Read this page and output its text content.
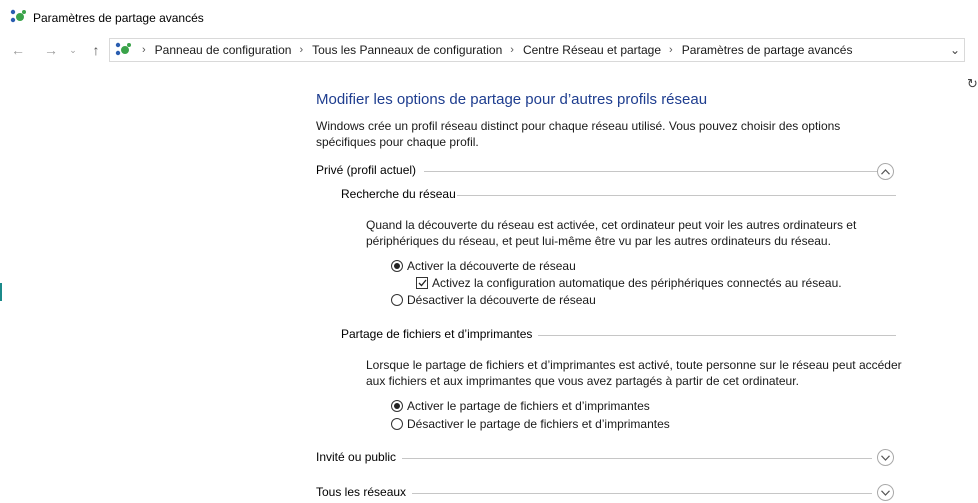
Paramètres de partage avancés
← →	⌄	↑	› Panneau de configuration › Tous les Panneaux de configuration › Centre Réseau et partage › Paramètres de partage avancés	⌄
↻
Modifier les options de partage pour d’autres profils réseau
Windows crée un profil réseau distinct pour chaque réseau utilisé. Vous pouvez choisir des options spécifiques pour chaque profil.
Privé (profil actuel)
Recherche du réseau
Quand la découverte du réseau est activée, cet ordinateur peut voir les autres ordinateurs et périphériques du réseau, et peut lui-même être vu par les autres ordinateurs du réseau.
Activer la découverte de réseau
Activez la configuration automatique des périphériques connectés au réseau.
Désactiver la découverte de réseau
Partage de fichiers et d’imprimantes
Lorsque le partage de fichiers et d’imprimantes est activé, toute personne sur le réseau peut accéder aux fichiers et aux imprimantes que vous avez partagés à partir de cet ordinateur.
Activer le partage de fichiers et d’imprimantes
Désactiver le partage de fichiers et d’imprimantes
Invité ou public
Tous les réseaux
